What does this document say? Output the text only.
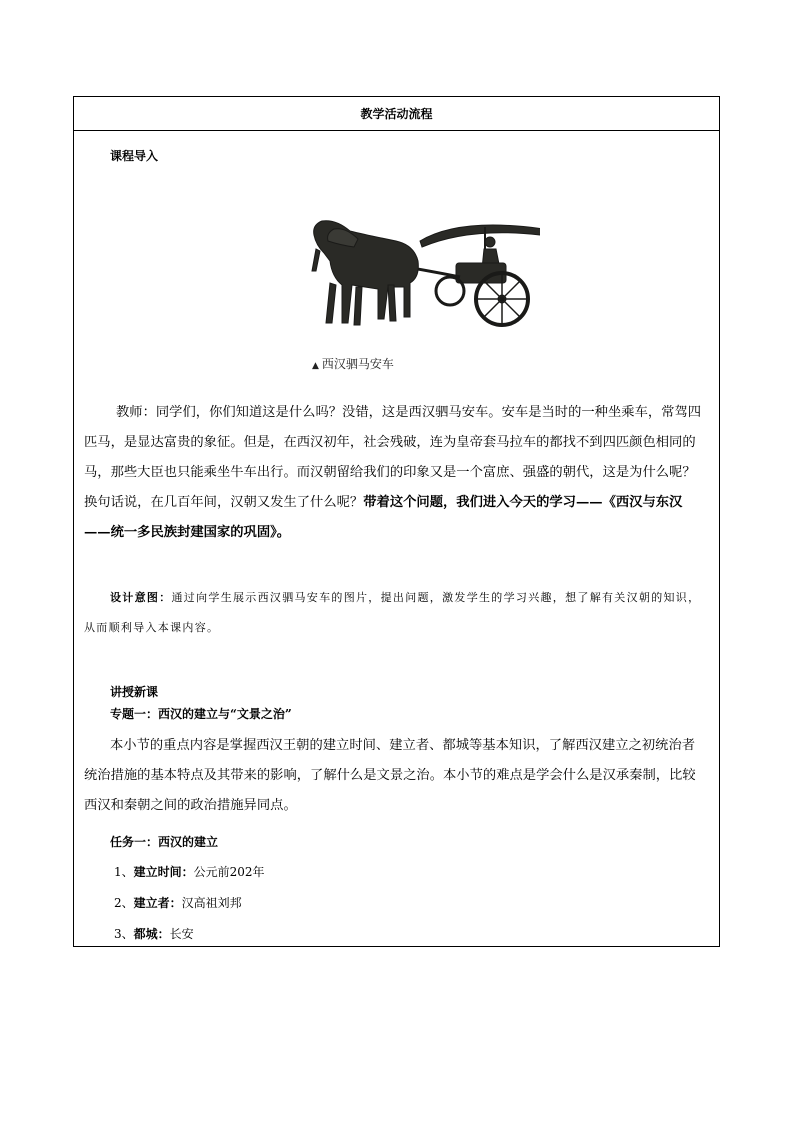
教学活动流程
课程导入
▲ 西汉驷马安车
教师：同学们，你们知道这是什么吗？没错，这是西汉驷马安车。安车是当时的一种坐乘车，常驾四匹马，是显达富贵的象征。但是，在西汉初年，社会残破，连为皇帝套马拉车的都找不到四匹颜色相同的马，那些大臣也只能乘坐牛车出行。而汉朝留给我们的印象又是一个富庶、强盛的朝代，这是为什么呢？换句话说，在几百年间，汉朝又发生了什么呢？带着这个问题，我们进入今天的学习——《西汉与东汉——统一多民族封建国家的巩固》。
设计意图：通过向学生展示西汉驷马安车的图片，提出问题，激发学生的学习兴趣，想了解有关汉朝的知识，从而顺利导入本课内容。
讲授新课
专题一：西汉的建立与“文景之治”
本小节的重点内容是掌握西汉王朝的建立时间、建立者、都城等基本知识，了解西汉建立之初统治者统治措施的基本特点及其带来的影响，了解什么是文景之治。本小节的难点是学会什么是汉承秦制，比较西汉和秦朝之间的政治措施异同点。
任务一：西汉的建立
1、建立时间：公元前202年
2、建立者：汉高祖刘邦
3、都城：长安
